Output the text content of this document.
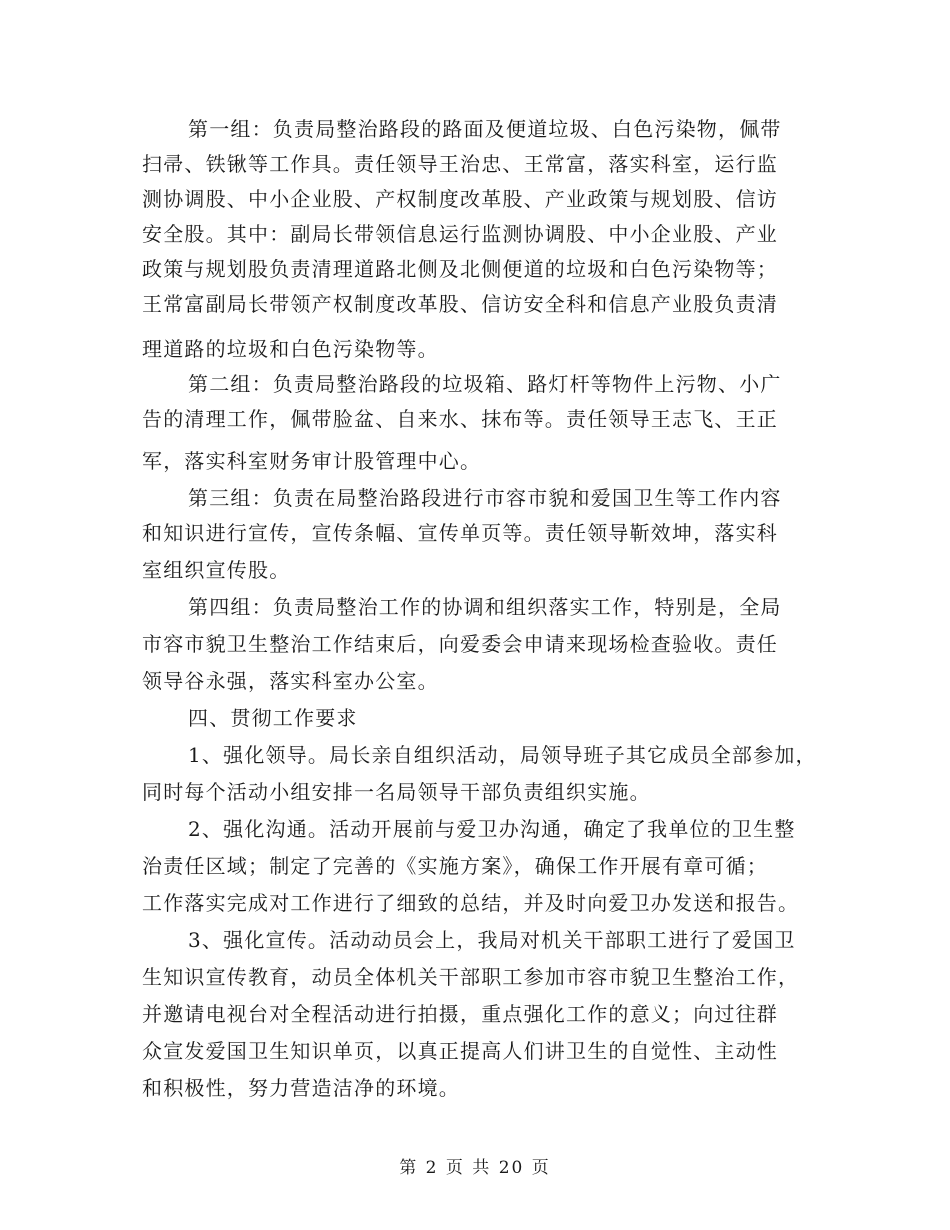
第一组：负责局整治路段的路面及便道垃圾、白色污染物，佩带
扫帚、铁锹等工作具。责任领导王治忠、王常富，落实科室，运行监
测协调股、中小企业股、产权制度改革股、产业政策与规划股、信访
安全股。其中：副局长带领信息运行监测协调股、中小企业股、产业
政策与规划股负责清理道路北侧及北侧便道的垃圾和白色污染物等；
王常富副局长带领产权制度改革股、信访安全科和信息产业股负责清
理道路的垃圾和白色污染物等。
第二组：负责局整治路段的垃圾箱、路灯杆等物件上污物、小广
告的清理工作，佩带脸盆、自来水、抹布等。责任领导王志飞、王正
军，落实科室财务审计股管理中心。
第三组：负责在局整治路段进行市容市貌和爱国卫生等工作内容
和知识进行宣传，宣传条幅、宣传单页等。责任领导靳效坤，落实科
室组织宣传股。
第四组：负责局整治工作的协调和组织落实工作，特别是，全局
市容市貌卫生整治工作结束后，向爱委会申请来现场检查验收。责任
领导谷永强，落实科室办公室。
四、贯彻工作要求
1、强化领导。局长亲自组织活动，局领导班子其它成员全部参加，
同时每个活动小组安排一名局领导干部负责组织实施。
2、强化沟通。活动开展前与爱卫办沟通，确定了我单位的卫生整
治责任区域；制定了完善的《实施方案》，确保工作开展有章可循；
工作落实完成对工作进行了细致的总结，并及时向爱卫办发送和报告。
3、强化宣传。活动动员会上，我局对机关干部职工进行了爱国卫
生知识宣传教育，动员全体机关干部职工参加市容市貌卫生整治工作，
并邀请电视台对全程活动进行拍摄，重点强化工作的意义；向过往群
众宣发爱国卫生知识单页，以真正提高人们讲卫生的自觉性、主动性
和积极性，努力营造洁净的环境。
第 2 页 共 20 页
